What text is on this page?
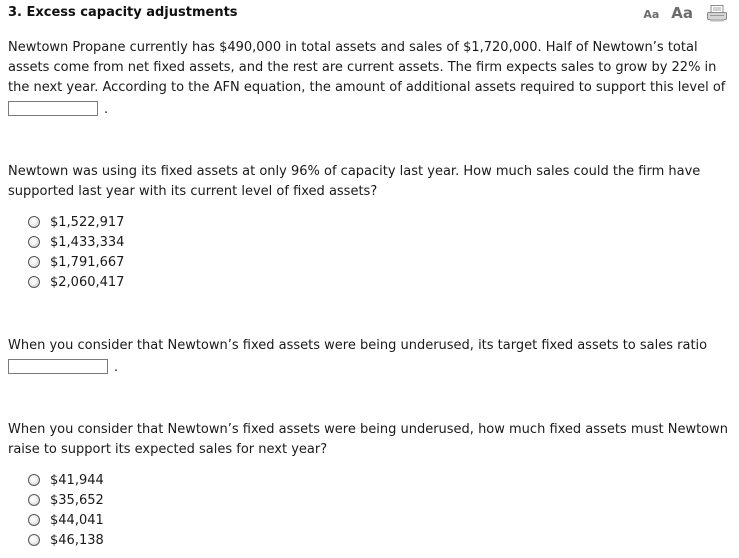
3. Excess capacity adjustments	Aa Aa

Newtown Propane currently has $490,000 in total assets and sales of $1,720,000. Half of Newtown’s total assets come from net fixed assets, and the rest are current assets. The firm expects sales to grow by 22% in the next year. According to the AFN equation, the amount of additional assets required to support this level of

.

Newtown was using its fixed assets at only 96% of capacity last year. How much sales could the firm have supported last year with its current level of fixed assets?

$1,522,917
$1,433,334
$1,791,667
$2,060,417

When you consider that Newtown’s fixed assets were being underused, its target fixed assets to sales ratio

.

When you consider that Newtown’s fixed assets were being underused, how much fixed assets must Newtown raise to support its expected sales for next year?

$41,944
$35,652
$44,041
$46,138
